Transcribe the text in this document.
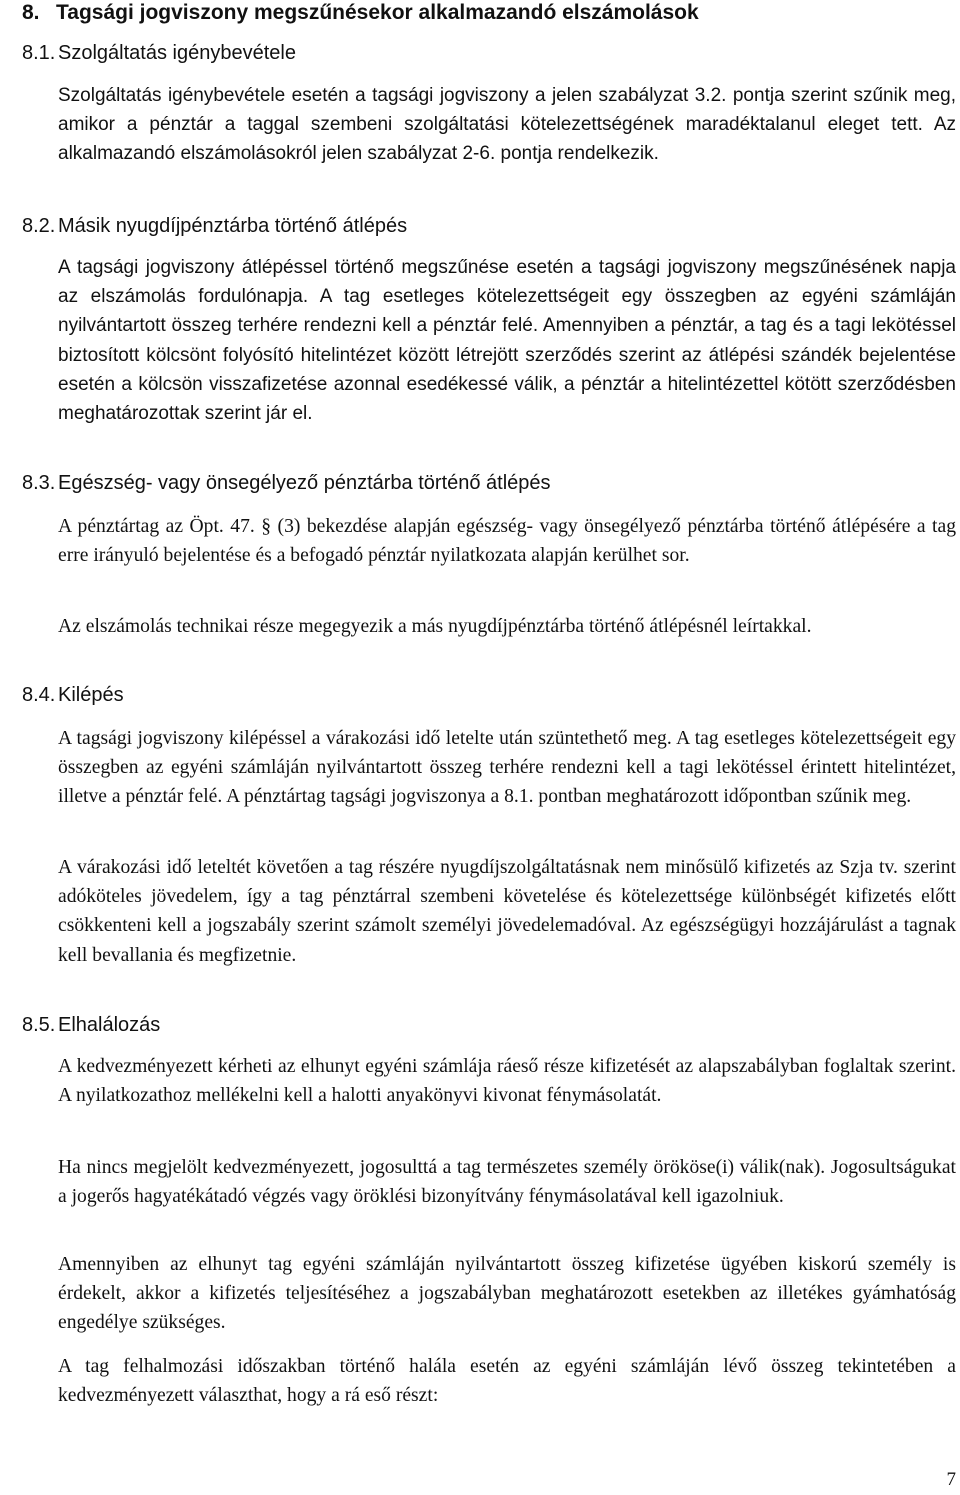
8. Tagsági jogviszony megszűnésekor alkalmazandó elszámolások
8.1. Szolgáltatás igénybevétele

Szolgáltatás igénybevétele esetén a tagsági jogviszony a jelen szabályzat 3.2. pontja szerint szűnik meg, amikor a pénztár a taggal szembeni szolgáltatási kötelezettségének maradéktalanul eleget tett. Az alkalmazandó elszámolásokról jelen szabályzat 2-6. pontja rendelkezik.

8.2. Másik nyugdíjpénztárba történő átlépés

A tagsági jogviszony átlépéssel történő megszűnése esetén a tagsági jogviszony megszűnésének napja az elszámolás fordulónapja. A tag esetleges kötelezettségeit egy összegben az egyéni számláján nyilvántartott összeg terhére rendezni kell a pénztár felé. Amennyiben a pénztár, a tag és a tagi lekötéssel biztosított kölcsönt folyósító hitelintézet között létrejött szerződés szerint az átlépési szándék bejelentése esetén a kölcsön visszafizetése azonnal esedékessé válik, a pénztár a hitelintézettel kötött szerződésben meghatározottak szerint jár el.

8.3. Egészség- vagy önsegélyező pénztárba történő átlépés

A pénztártag az Öpt. 47. § (3) bekezdése alapján egészség- vagy önsegélyező pénztárba történő átlépésére a tag erre irányuló bejelentése és a befogadó pénztár nyilatkozata alapján kerülhet sor.

Az elszámolás technikai része megegyezik a más nyugdíjpénztárba történő átlépésnél leírtakkal.

8.4. Kilépés

A tagsági jogviszony kilépéssel a várakozási idő letelte után szüntethető meg. A tag esetleges kötelezettségeit egy összegben az egyéni számláján nyilvántartott összeg terhére rendezni kell a tagi lekötéssel érintett hitelintézet, illetve a pénztár felé. A pénztártag tagsági jogviszonya a 8.1. pontban meghatározott időpontban szűnik meg.

A várakozási idő leteltét követően a tag részére nyugdíjszolgáltatásnak nem minősülő kifizetés az Szja tv. szerint adóköteles jövedelem, így a tag pénztárral szembeni követelése és kötelezettsége különbségét kifizetés előtt csökkenteni kell a jogszabály szerint számolt személyi jövedelemadóval. Az egészségügyi hozzájárulást a tagnak kell bevallania és megfizetnie.

8.5. Elhalálozás

A kedvezményezett kérheti az elhunyt egyéni számlája ráeső része kifizetését az alapszabályban foglaltak szerint. A nyilatkozathoz mellékelni kell a halotti anyakönyvi kivonat fénymásolatát.

Ha nincs megjelölt kedvezményezett, jogosulttá a tag természetes személy örököse(i) válik(nak). Jogosultságukat a jogerős hagyatékátadó végzés vagy öröklési bizonyítvány fénymásolatával kell igazolniuk.

Amennyiben az elhunyt tag egyéni számláján nyilvántartott összeg kifizetése ügyében kiskorú személy is érdekelt, akkor a kifizetés teljesítéséhez a jogszabályban meghatározott esetekben az illetékes gyámhatóság engedélye szükséges.

A tag felhalmozási időszakban történő halála esetén az egyéni számláján lévő összeg tekintetében a kedvezményezett választhat, hogy a rá eső részt:

7
